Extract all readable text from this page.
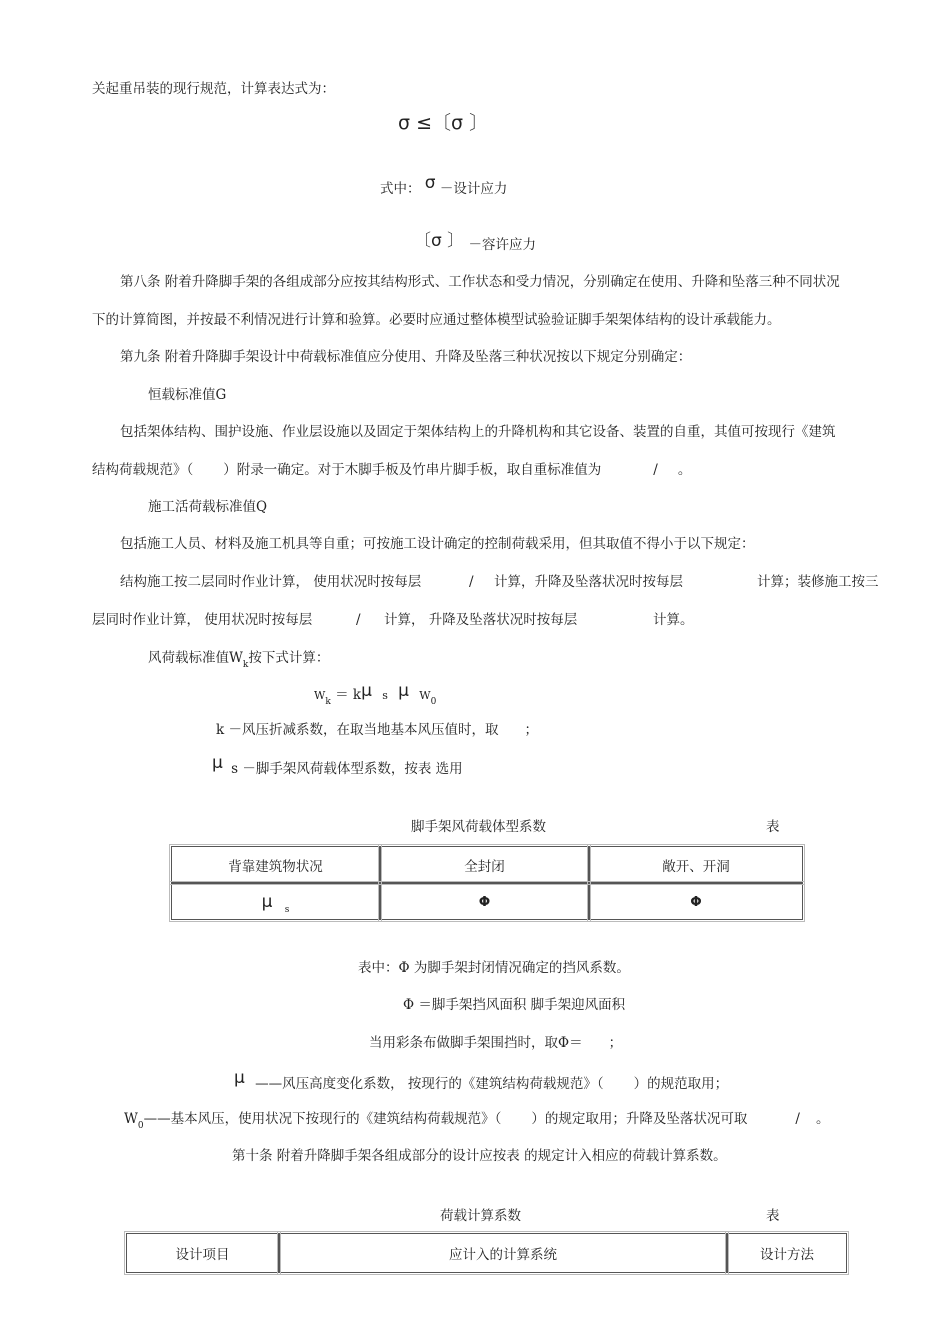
关起重吊装的现行规范，计算表达式为：
σ ≤〔σ 〕
式中： σ －设计应力
〔σ 〕 －容许应力
第八条 附着升降脚手架的各组成部分应按其结构形式、工作状态和受力情况，分别确定在使用、升降和坠落三种不同状况
下的计算简图，并按最不利情况进行计算和验算。必要时应通过整体模型试验验证脚手架架体结构的设计承载能力。
第九条 附着升降脚手架设计中荷载标准值应分使用、升降及坠落三种状况按以下规定分别确定：
恒载标准值G
包括架体结构、围护设施、作业层设施以及固定于架体结构上的升降机构和其它设备、装置的自重，其值可按现行《建筑
结构荷载规范》（ ）附录一确定。对于木脚手板及竹串片脚手板，取自重标准值为	/ 。
施工活荷载标准值Q
包括施工人员、材料及施工机具等自重；可按施工设计确定的控制荷载采用，但其取值不得小于以下规定：
结构施工按二层同时作业计算， 使用状况时按每层	/ 计算，升降及坠落状况时按每层	计算；装修施工按三
层同时作业计算， 使用状况时按每层	/ 计算， 升降及坠落状况时按每层	计算。
风荷载标准值$W_k$按下式计算：
$W_k = k\mu$ s μ $W_0$
k －风压折减系数，在取当地基本风压值时，取 ；
μ s －脚手架风荷载体型系数，按表 选用
脚手架风荷载体型系数	表
背靠建筑物状况	全封闭	敞开、开洞
μ $_s$	Φ	Φ
表中：Φ 为脚手架封闭情况确定的挡风系数。
Φ ＝脚手架挡风面积 脚手架迎风面积
当用彩条布做脚手架围挡时，取Φ＝ ；
μ ——风压高度变化系数， 按现行的《建筑结构荷载规范》（ ）的规范取用；
$W_0——$基本风压，使用状况下按现行的《建筑结构荷载规范》（ ）的规定取用；升降及坠落状况可取	/ 。
第十条 附着升降脚手架各组成部分的设计应按表 的规定计入相应的荷载计算系数。
荷载计算系数	表
设计项目	应计入的计算系统	设计方法
